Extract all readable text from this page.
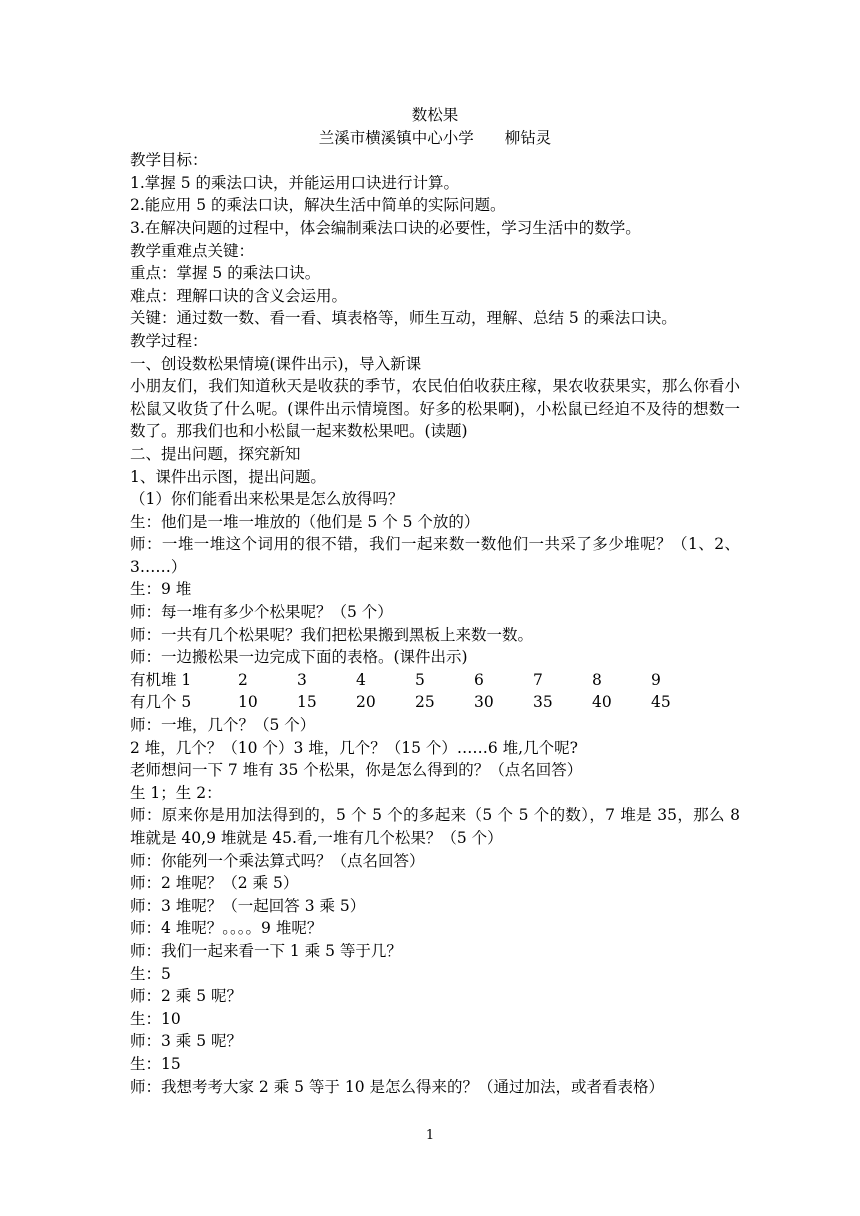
数松果
兰溪市横溪镇中心小学　　柳钻灵
教学目标：
1.掌握 5 的乘法口诀，并能运用口诀进行计算。
2.能应用 5 的乘法口诀，解决生活中简单的实际问题。
3.在解决问题的过程中，体会编制乘法口诀的必要性，学习生活中的数学。
教学重难点关键：
重点：掌握 5 的乘法口诀。
难点：理解口诀的含义会运用。
关键：通过数一数、看一看、填表格等，师生互动，理解、总结 5 的乘法口诀。
教学过程：
一、创设数松果情境(课件出示)，导入新课
小朋友们，我们知道秋天是收获的季节，农民伯伯收获庄稼，果农收获果实，那么你看小松鼠又收货了什么呢。(课件出示情境图。好多的松果啊)，小松鼠已经迫不及待的想数一数了。那我们也和小松鼠一起来数松果吧。(读题)
二、提出问题，探究新知
1、课件出示图，提出问题。
（1）你们能看出来松果是怎么放得吗？
生：他们是一堆一堆放的（他们是 5 个 5 个放的）
师：一堆一堆这个词用的很不错，我们一起来数一数他们一共采了多少堆呢？（1、2、3……）
生：9 堆
师：每一堆有多少个松果呢？（5 个）
师：一共有几个松果呢？我们把松果搬到黑板上来数一数。
师：一边搬松果一边完成下面的表格。(课件出示)
有机堆 1	2	3	4	5	6	7	8	9
有几个 5	10	15	20	25	30	35	40	45
师：一堆，几个？（5 个）
2 堆，几个？（10 个）3 堆，几个？（15 个）……6 堆,几个呢?
老师想问一下 7 堆有 35 个松果，你是怎么得到的？（点名回答）
生 1；生 2：
师：原来你是用加法得到的，5 个 5 个的多起来（5 个 5 个的数），7 堆是 35，那么 8 堆就是 40,9 堆就是 45.看,一堆有几个松果？（5 个）
师：你能列一个乘法算式吗？（点名回答）
师：2 堆呢？（2 乘 5）
师：3 堆呢？（一起回答 3 乘 5）
师：4 堆呢？。。。。9 堆呢？
师：我们一起来看一下 1 乘 5 等于几？
生：5
师：2 乘 5 呢？
生：10
师：3 乘 5 呢？
生：15
师：我想考考大家 2 乘 5 等于 10 是怎么得来的？（通过加法，或者看表格）
1
